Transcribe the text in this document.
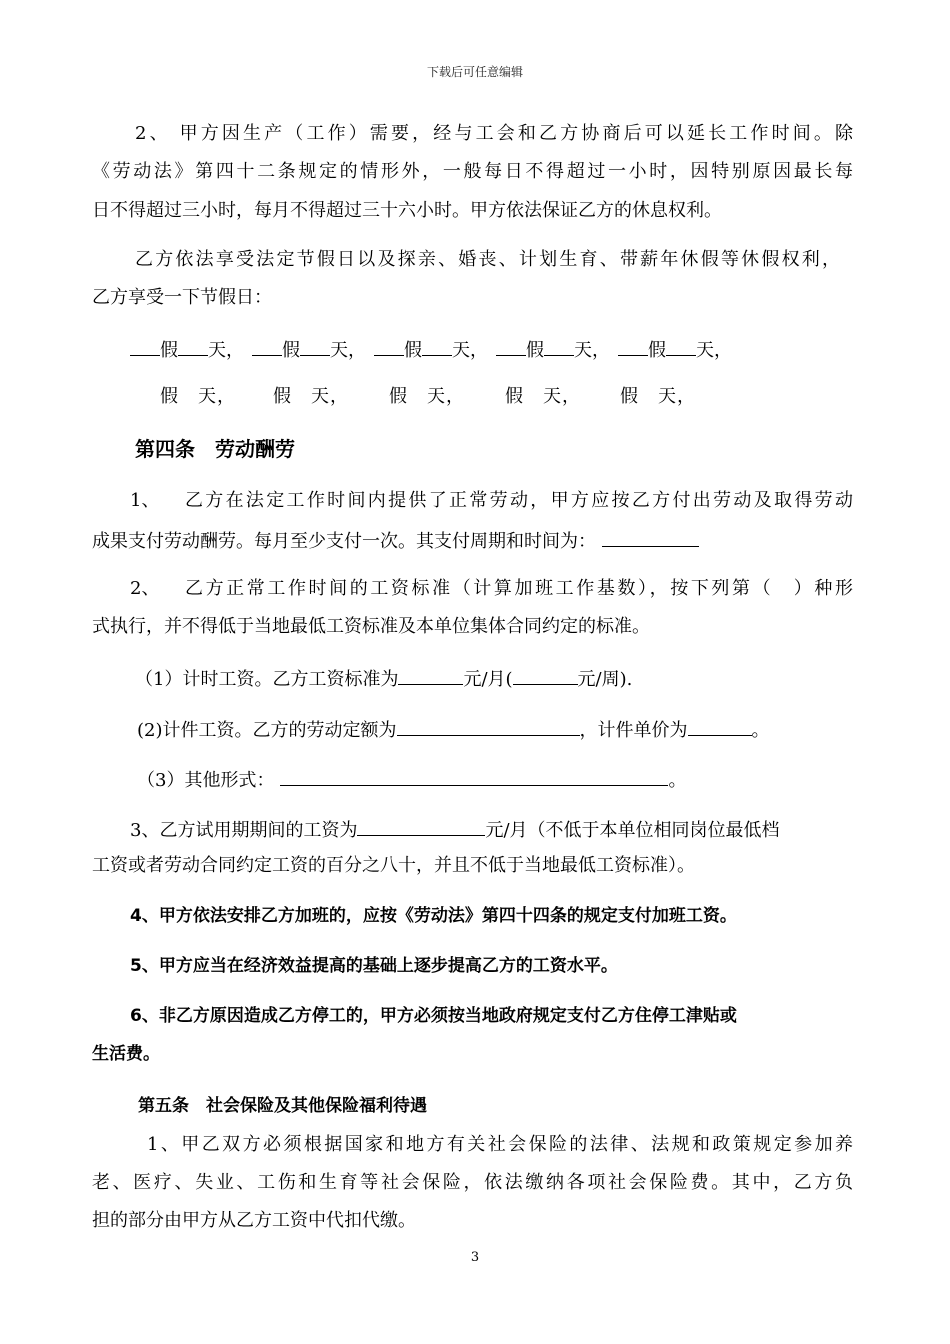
下载后可任意编辑
2、 甲方因生产（工作）需要，经与工会和乙方协商后可以延长工作时间。除
《劳动法》第四十二条规定的情形外，一般每日不得超过一小时，因特别原因最长每
日不得超过三小时，每月不得超过三十六小时。甲方依法保证乙方的休息权利。
乙方依法享受法定节假日以及探亲、婚丧、计划生育、带薪年休假等休假权利，
乙方享受一下节假日：
假 天， 假 天， 假 天， 假 天， 假 天，
假　天， 假　天， 假　天， 假　天， 假　天，
第四条　劳动酬劳
1、 乙方在法定工作时间内提供了正常劳动，甲方应按乙方付出劳动及取得劳动
成果支付劳动酬劳。每月至少支付一次。其支付周期和时间为：
2、 乙方正常工作时间的工资标准（计算加班工作基数），按下列第（　）种形
式执行，并不得低于当地最低工资标准及本单位集体合同约定的标准。
（1）计时工资。乙方工资标准为	元/月(	元/周).
(2)计件工资。乙方的劳动定额为	，计件单价为	。
（3）其他形式：	。
3、乙方试用期期间的工资为	元/月（不低于本单位相同岗位最低档
工资或者劳动合同约定工资的百分之八十，并且不低于当地最低工资标准）。
4、甲方依法安排乙方加班的，应按《劳动法》第四十四条的规定支付加班工资。
5、甲方应当在经济效益提高的基础上逐步提高乙方的工资水平。
6、非乙方原因造成乙方停工的，甲方必须按当地政府规定支付乙方住停工津贴或
生活费。
第五条　社会保险及其他保险福利待遇
1、甲乙双方必须根据国家和地方有关社会保险的法律、法规和政策规定参加养
老、医疗、失业、工伤和生育等社会保险，依法缴纳各项社会保险费。其中，乙方负
担的部分由甲方从乙方工资中代扣代缴。
3
